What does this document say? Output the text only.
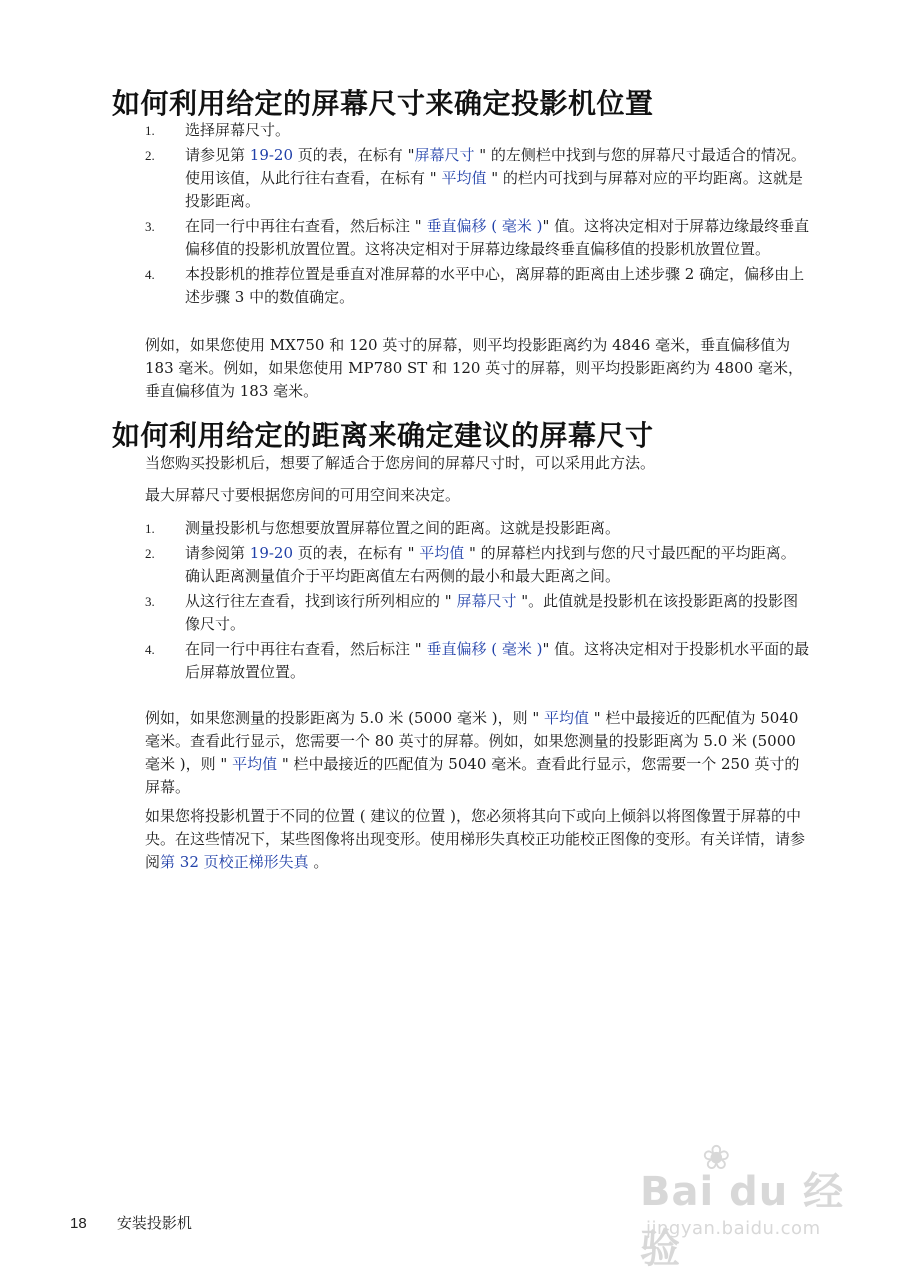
如何利用给定的屏幕尺寸来确定投影机位置
1. 选择屏幕尺寸。
2. 请参见第 19-20 页的表，在标有 "屏幕尺寸 " 的左侧栏中找到与您的屏幕尺寸最适合的情况。使用该值，从此行往右查看，在标有 " 平均值 " 的栏内可找到与屏幕对应的平均距离。这就是投影距离。
3. 在同一行中再往右查看，然后标注 " 垂直偏移 ( 毫米 )" 值。这将决定相对于屏幕边缘最终垂直偏移值的投影机放置位置。这将决定相对于屏幕边缘最终垂直偏移值的投影机放置位置。
4. 本投影机的推荐位置是垂直对准屏幕的水平中心，离屏幕的距离由上述步骤 2 确定，偏移由上述步骤 3 中的数值确定。

例如，如果您使用 MX750 和 120 英寸的屏幕，则平均投影距离约为 4846 毫米，垂直偏移值为 183 毫米。例如，如果您使用 MP780 ST 和 120 英寸的屏幕，则平均投影距离约为 4800 毫米，垂直偏移值为 183 毫米。

如何利用给定的距离来确定建议的屏幕尺寸

当您购买投影机后，想要了解适合于您房间的屏幕尺寸时，可以采用此方法。

最大屏幕尺寸要根据您房间的可用空间来决定。

1. 测量投影机与您想要放置屏幕位置之间的距离。这就是投影距离。
2. 请参阅第 19-20 页的表，在标有 " 平均值 " 的屏幕栏内找到与您的尺寸最匹配的平均距离。确认距离测量值介于平均距离值左右两侧的最小和最大距离之间。
3. 从这行往左查看，找到该行所列相应的 " 屏幕尺寸 "。此值就是投影机在该投影距离的投影图像尺寸。
4. 在同一行中再往右查看，然后标注 " 垂直偏移 ( 毫米 )" 值。这将决定相对于投影机水平面的最后屏幕放置位置。

例如，如果您测量的投影距离为 5.0 米 (5000 毫米 )，则 " 平均值 " 栏中最接近的匹配值为 5040 毫米。查看此行显示，您需要一个 80 英寸的屏幕。例如，如果您测量的投影距离为 5.0 米 (5000 毫米 )，则 " 平均值 " 栏中最接近的匹配值为 5040 毫米。查看此行显示，您需要一个 250 英寸的屏幕。

如果您将投影机置于不同的位置 ( 建议的位置 )，您必须将其向下或向上倾斜以将图像置于屏幕的中央。在这些情况下，某些图像将出现变形。使用梯形失真校正功能校正图像的变形。有关详情，请参阅第 32 页校正梯形失真 。

18 安装投影机
❀
Bai du 经验
jingyan.baidu.com
